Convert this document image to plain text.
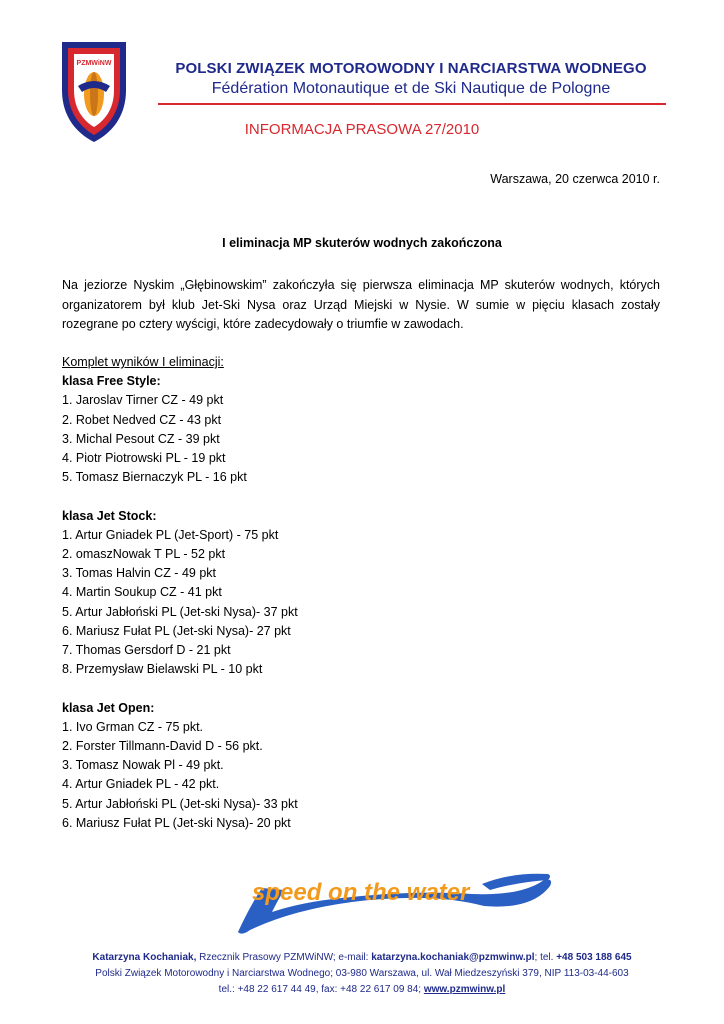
PZMWiNW	POLSKI ZWIĄZEK MOTOROWODNY I NARCIARSTWA WODNEGO
Fédération Motonautique et de Ski Nautique de Pologne
INFORMACJA PRASOWA 27/2010
Warszawa, 20 czerwca 2010 r.
I eliminacja MP skuterów wodnych zakończona
Na jeziorze Nyskim „Głębinowskim” zakończyła się pierwsza eliminacja MP skuterów wodnych, których organizatorem był klub Jet-Ski Nysa oraz Urząd Miejski w Nysie. W sumie w pięciu klasach zostały rozegrane po cztery wyścigi, które zadecydowały o triumfie w zawodach.
Komplet wyników I eliminacji:
klasa Free Style:
1. Jaroslav Tirner CZ - 49 pkt
2. Robet Nedved CZ - 43 pkt
3. Michal Pesout CZ - 39 pkt
4. Piotr Piotrowski PL - 19 pkt
5. Tomasz Biernaczyk PL - 16 pkt
klasa Jet Stock:
1. Artur Gniadek PL (Jet-Sport) - 75 pkt
2. omaszNowak T PL - 52 pkt
3. Tomas Halvin CZ - 49 pkt
4. Martin Soukup CZ - 41 pkt
5. Artur Jabłoński PL (Jet-ski Nysa)- 37 pkt
6. Mariusz Fułat PL (Jet-ski Nysa)- 27 pkt
7. Thomas Gersdorf D - 21 pkt
8. Przemysław Bielawski PL - 10 pkt
klasa Jet Open:
1. Ivo Grman CZ - 75 pkt.
2. Forster Tillmann-David D - 56 pkt.
3. Tomasz Nowak Pl - 49 pkt.
4. Artur Gniadek PL - 42 pkt.
5. Artur Jabłoński PL (Jet-ski Nysa)- 33 pkt
6. Mariusz Fułat PL (Jet-ski Nysa)- 20 pkt
speed on the water
Katarzyna Kochaniak, Rzecznik Prasowy PZMWiNW; e-mail: katarzyna.kochaniak@pzmwinw.pl; tel. +48 503 188 645
Polski Związek Motorowodny i Narciarstwa Wodnego; 03-980 Warszawa, ul. Wał Miedzeszyński 379, NIP 113-03-44-603
tel.: +48 22 617 44 49, fax: +48 22 617 09 84; www.pzmwinw.pl
